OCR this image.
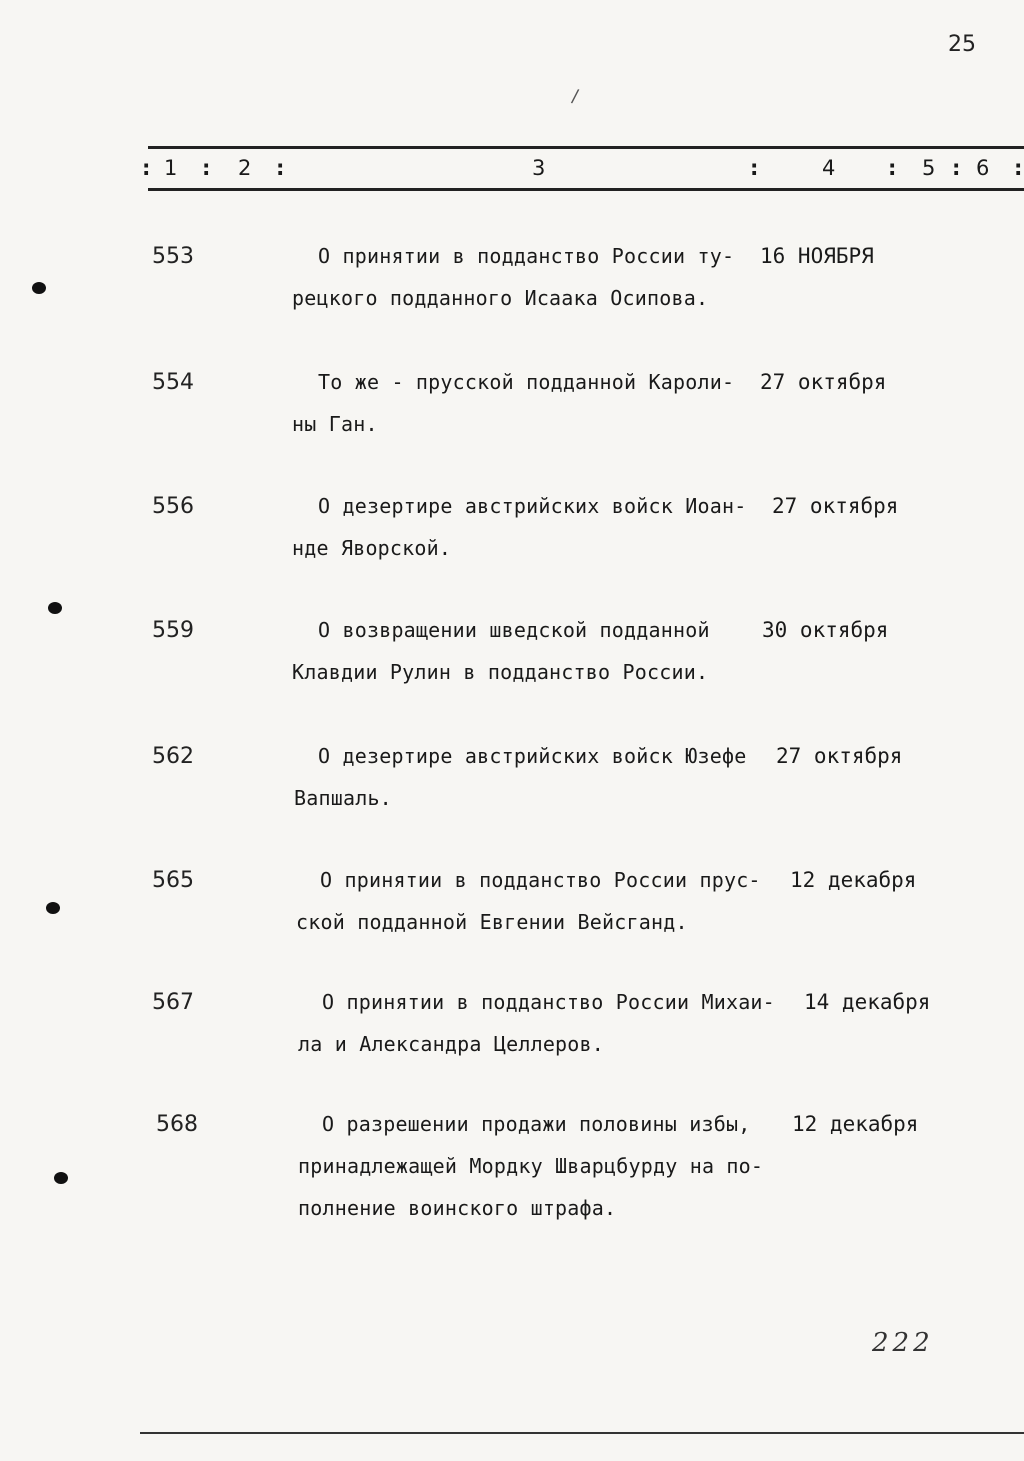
25
/
: 1 : 2 :	3	:	4	: 5 : 6 :
553	О принятии в подданство России ту-
рецкого подданного Исаака Осипова.
16 НОЯБРЯ
554	То же - прусской подданной Кароли-
ны Ган.
27 октября
556	О дезертире австрийских войск Иоан-
нде Яворской.
27 октября
559	О возвращении шведской подданной
Клавдии Рулин в подданство России.
30 октября
562	О дезертире австрийских войск Юзефе
Вапшаль.
27 октября
565	О принятии в подданство России прус-
ской подданной Евгении Вейсганд.
12 декабря
567	О принятии в подданство России Михаи-
ла и Александра Целлеров.
14 декабря
568	О разрешении продажи половины избы,
принадлежащей Мордку Шварцбурду на по-
полнение воинского штрафа.
12 декабря
222
